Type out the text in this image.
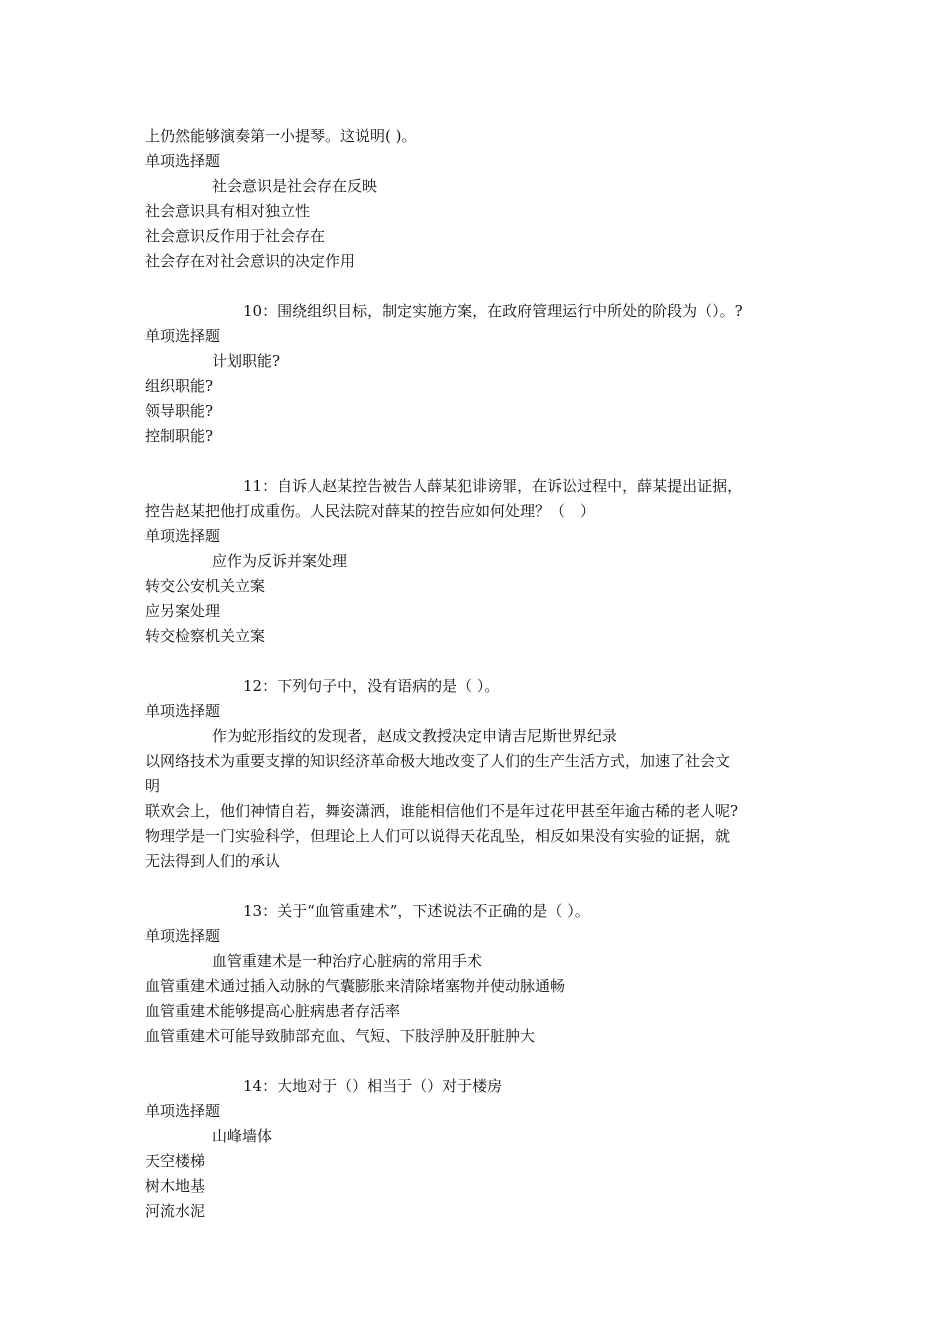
上仍然能够演奏第一小提琴。这说明( )。
单项选择题
社会意识是社会存在反映
社会意识具有相对独立性
社会意识反作用于社会存在
社会存在对社会意识的决定作用
10：围绕组织目标，制定实施方案，在政府管理运行中所处的阶段为（）。?
单项选择题
计划职能?
组织职能?
领导职能?
控制职能?
11：自诉人赵某控告被告人薛某犯诽谤罪，在诉讼过程中，薛某提出证据，
控告赵某把他打成重伤。人民法院对薛某的控告应如何处理？（　）
单项选择题
应作为反诉并案处理
转交公安机关立案
应另案处理
转交检察机关立案
12：下列句子中，没有语病的是（ ）。
单项选择题
作为蛇形指纹的发现者，赵成文教授决定申请吉尼斯世界纪录
以网络技术为重要支撑的知识经济革命极大地改变了人们的生产生活方式，加速了社会文
明
联欢会上，他们神情自若，舞姿潇洒，谁能相信他们不是年过花甲甚至年逾古稀的老人呢?
物理学是一门实验科学，但理论上人们可以说得天花乱坠，相反如果没有实验的证据，就
无法得到人们的承认
13：关于“血管重建术”，下述说法不正确的是（ ）。
单项选择题
血管重建术是一种治疗心脏病的常用手术
血管重建术通过插入动脉的气囊膨胀来清除堵塞物并使动脉通畅
血管重建术能够提高心脏病患者存活率
血管重建术可能导致肺部充血、气短、下肢浮肿及肝脏肿大
14：大地对于（）相当于（）对于楼房
单项选择题
山峰墙体
天空楼梯
树木地基
河流水泥
